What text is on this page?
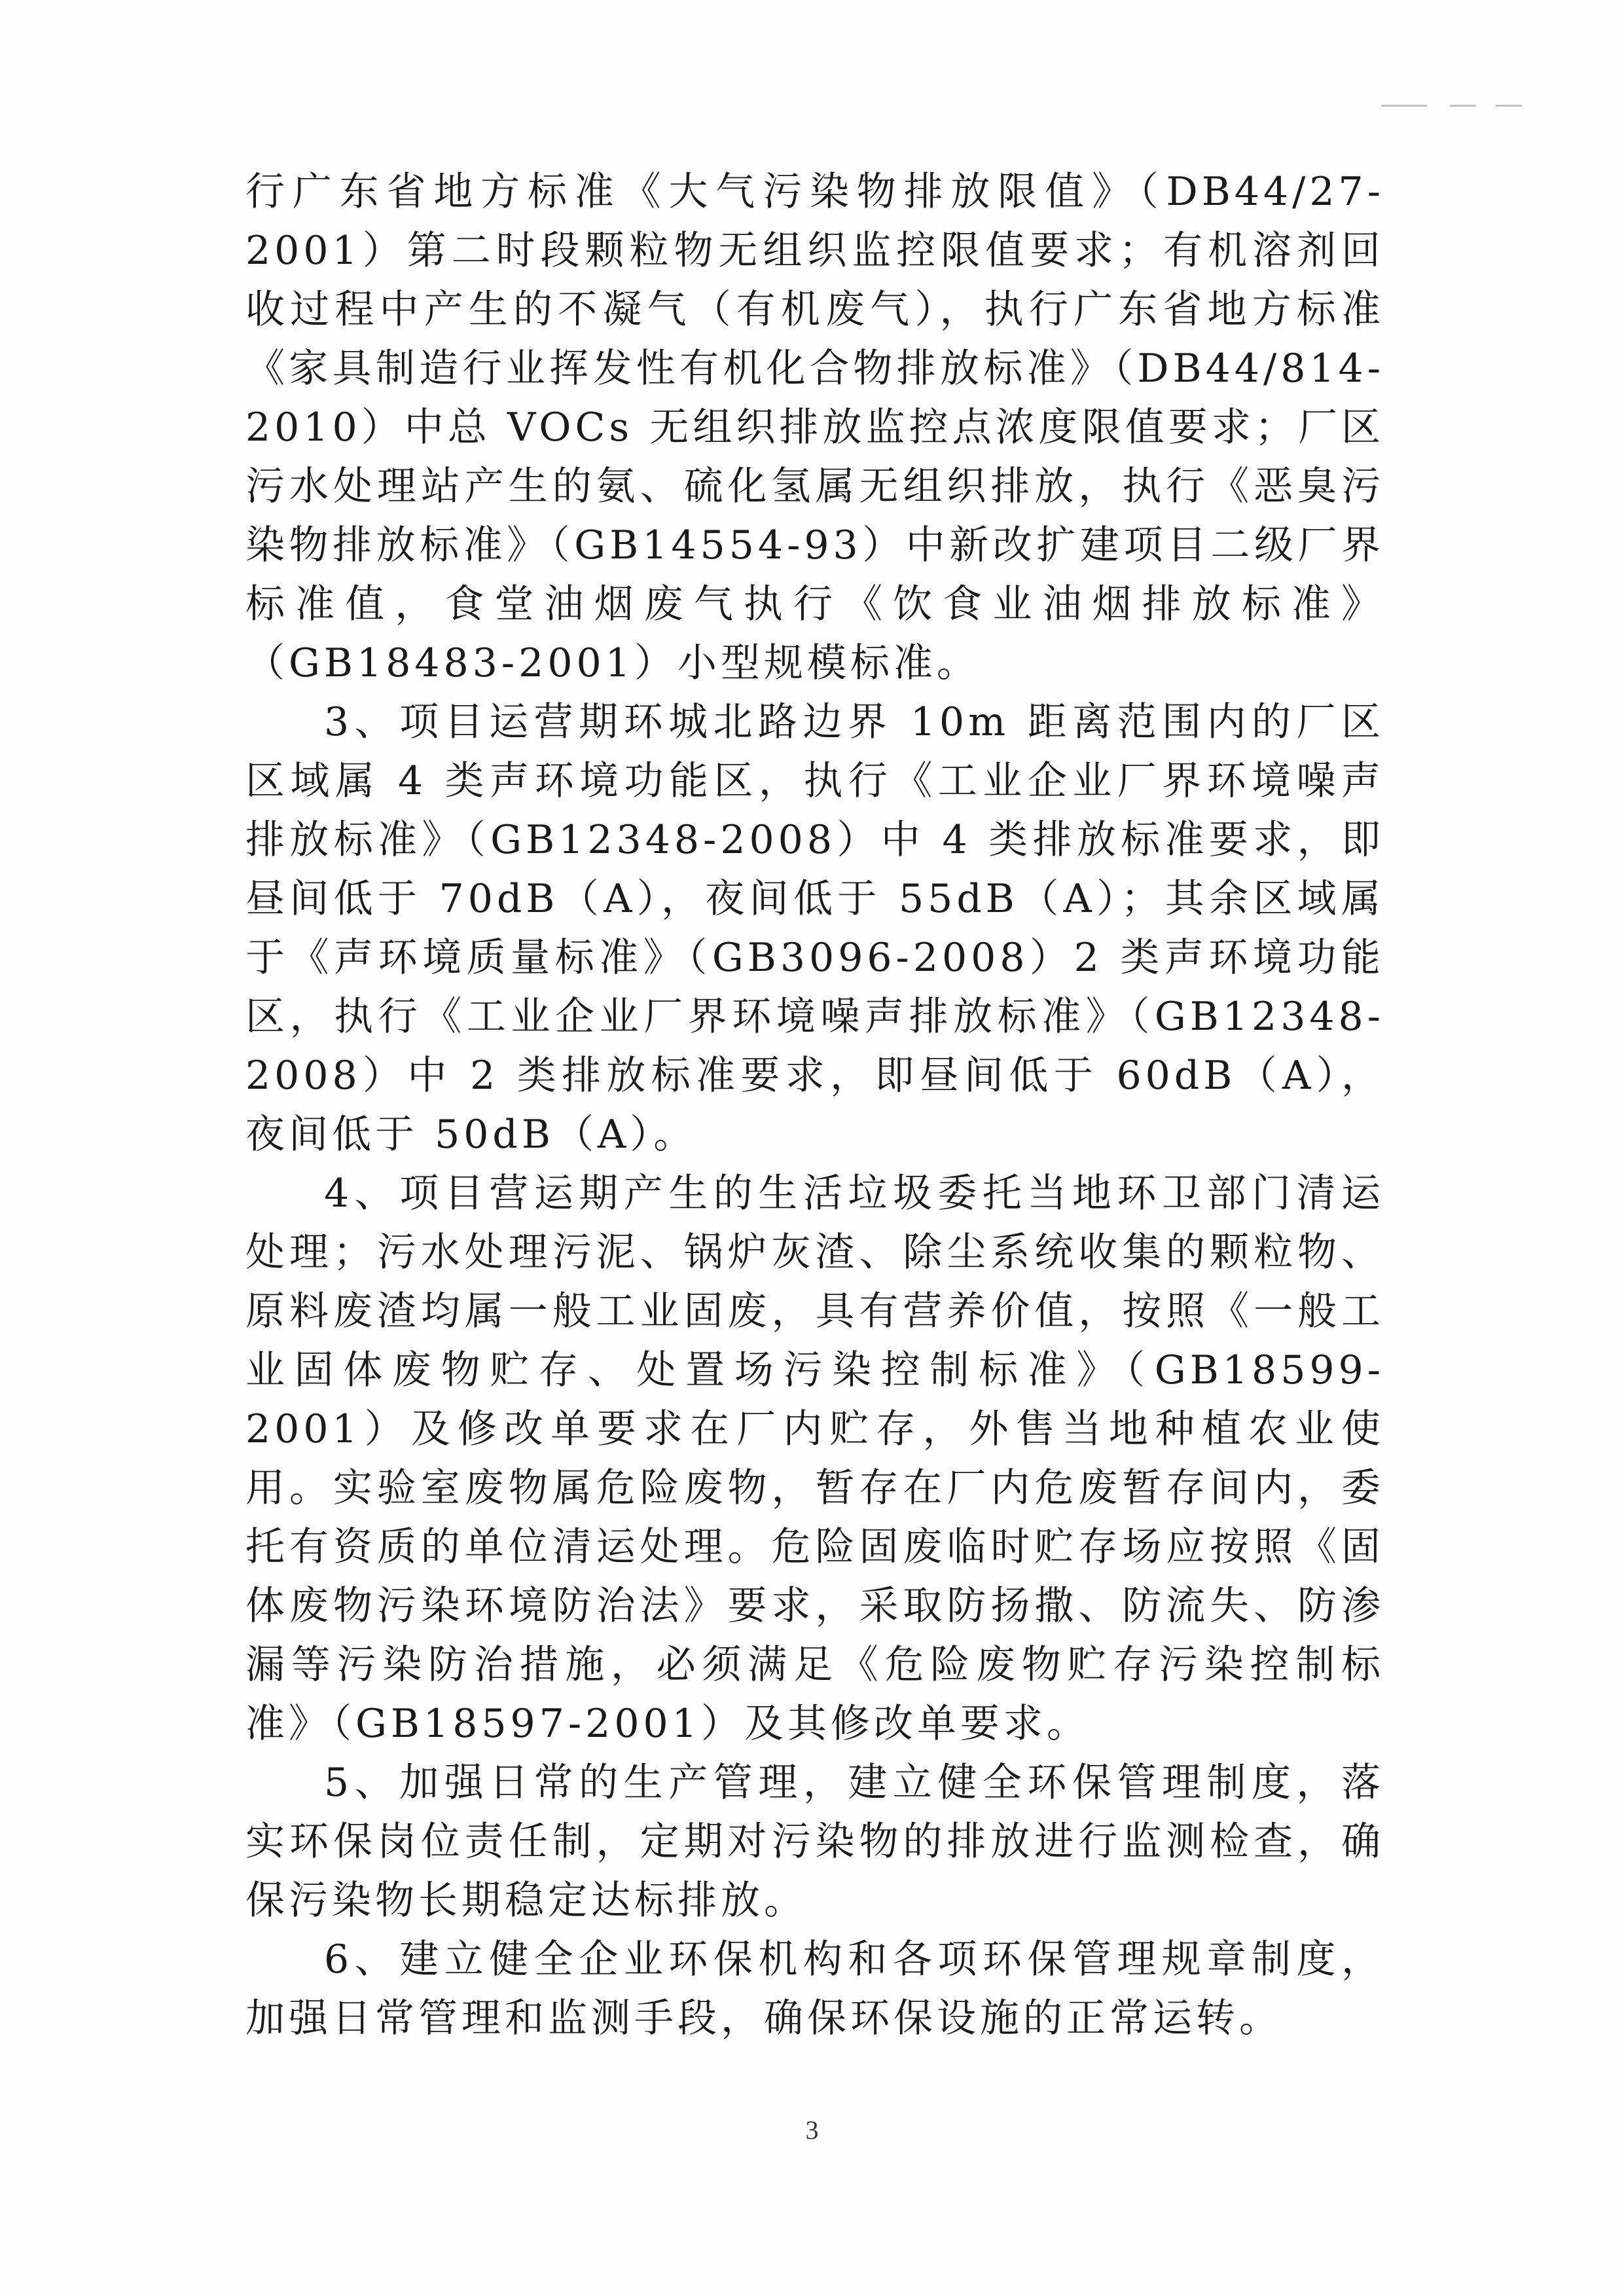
行广东省地方标准《大气污染物排放限值》（DB44/27-2001）第二时段颗粒物无组织监控限值要求；有机溶剂回收过程中产生的不凝气（有机废气），执行广东省地方标准《家具制造行业挥发性有机化合物排放标准》（DB44/814-2010）中总 VOCs 无组织排放监控点浓度限值要求；厂区污水处理站产生的氨、硫化氢属无组织排放，执行《恶臭污染物排放标准》（GB14554-93）中新改扩建项目二级厂界标准值，食堂油烟废气执行《饮食业油烟排放标准》（GB18483-2001）小型规模标准。

3、项目运营期环城北路边界 10m 距离范围内的厂区区域属 4 类声环境功能区，执行《工业企业厂界环境噪声排放标准》（GB12348-2008）中 4 类排放标准要求，即昼间低于 70dB（A），夜间低于 55dB（A）；其余区域属于《声环境质量标准》（GB3096-2008）2 类声环境功能区，执行《工业企业厂界环境噪声排放标准》（GB12348-2008）中 2 类排放标准要求，即昼间低于 60dB（A），夜间低于 50dB（A）。

4、项目营运期产生的生活垃圾委托当地环卫部门清运处理；污水处理污泥、锅炉灰渣、除尘系统收集的颗粒物、原料废渣均属一般工业固废，具有营养价值，按照《一般工业固体废物贮存、处置场污染控制标准》（GB18599-2001）及修改单要求在厂内贮存，外售当地种植农业使用。实验室废物属危险废物，暂存在厂内危废暂存间内，委托有资质的单位清运处理。危险固废临时贮存场应按照《固体废物污染环境防治法》要求，采取防扬撒、防流失、防渗漏等污染防治措施，必须满足《危险废物贮存污染控制标准》（GB18597-2001）及其修改单要求。

5、加强日常的生产管理，建立健全环保管理制度，落实环保岗位责任制，定期对污染物的排放进行监测检查，确保污染物长期稳定达标排放。

6、建立健全企业环保机构和各项环保管理规章制度，加强日常管理和监测手段，确保环保设施的正常运转。

3
